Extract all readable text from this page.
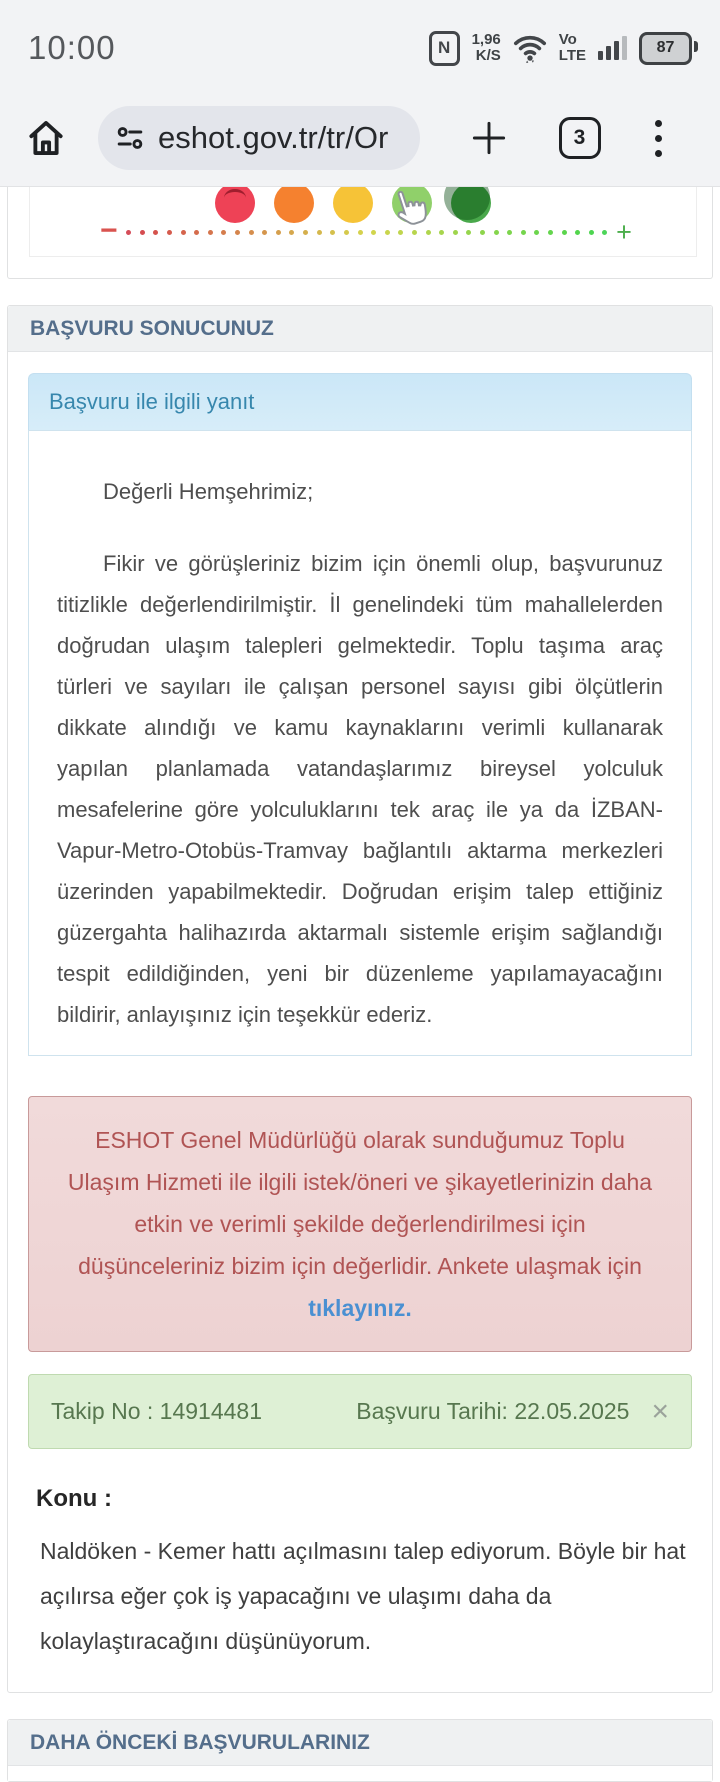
10:00 N	1,96
K/S
Vo
LTE	87
eshot.gov.tr/tr/Or	3
−	+
BAŞVURU SONUCUNUZ
Başvuru ile ilgili yanıt

Değerli Hemşehrimiz;

Fikir ve görüşleriniz bizim için önemli olup, başvurunuz titizlikle değerlendirilmiştir. İl genelindeki tüm mahallelerden doğrudan ulaşım talepleri gelmektedir. Toplu taşıma araç türleri ve sayıları ile çalışan personel sayısı gibi ölçütlerin dikkate alındığı ve kamu kaynaklarını verimli kullanarak yapılan planlamada vatandaşlarımız bireysel yolculuk mesafelerine göre yolculuklarını tek araç ile ya da İZBAN-Vapur-Metro-Otobüs-Tramvay bağlantılı aktarma merkezleri üzerinden yapabilmektedir. Doğrudan erişim talep ettiğiniz güzergahta halihazırda aktarmalı sistemle erişim sağlandığı tespit edildiğinden, yeni bir düzenleme yapılamayacağını bildirir, anlayışınız için teşekkür ederiz.

ESHOT Genel Müdürlüğü olarak sunduğumuz Toplu Ulaşım Hizmeti ile ilgili istek/öneri ve şikayetlerinizin daha etkin ve verimli şekilde değerlendirilmesi için düşünceleriniz bizim için değerlidir. Ankete ulaşmak için tıklayınız.
Takip No : 14914481	Başvuru Tarihi: 22.05.2025 ×
Konu :

Naldöken - Kemer hattı açılmasını talep ediyorum. Böyle bir hat açılırsa eğer çok iş yapacağını ve ulaşımı daha da kolaylaştıracağını düşünüyorum.

DAHA ÖNCEKİ BAŞVURULARINIZ
